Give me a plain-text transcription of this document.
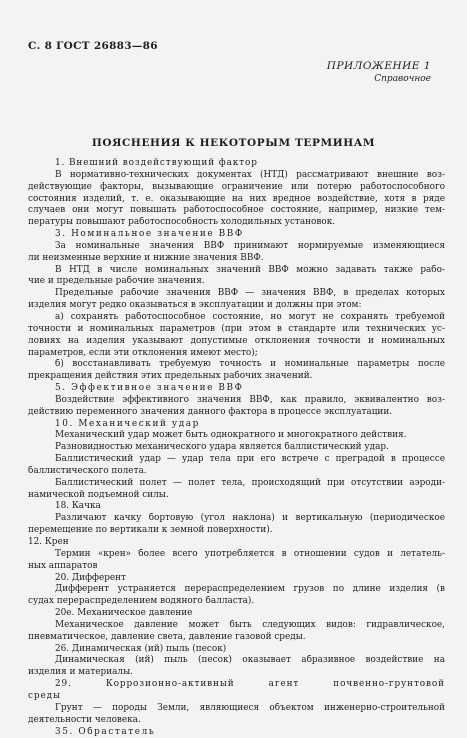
С. 8 ГОСТ 26883—86
ПРИЛОЖЕНИЕ 1
Справочное
ПОЯСНЕНИЯ К НЕКОТОРЫМ ТЕРМИНАМ
1. Внешний воздействующий фактор
В нормативно-технических документах (НТД) рассматривают внешние воз-
действующие факторы, вызывающие ограничение или потерю работоспособного
состояния изделий, т. е. оказывающие на них вредное воздействие, хотя в ряде
случаев они могут повышать работоспособное состояние, например, низкие тем-
пературы повышают работоспособность холодильных установок.
3. Номинальное значение ВВФ
За номинальные значения ВВФ принимают нормируемые изменяющиеся
ли неизменные верхние и нижние значения ВВФ.
В НТД в числе номинальных значений ВВФ можно задавать также рабо-
чие и предельные рабочие значения.
Предельные рабочие значения ВВФ — значения ВВФ, в пределах которых
изделия могут редко оказываться в эксплуатации и должны при этом:
а) сохранять работоспособное состояние, но могут не сохранять требуемой
точности и номинальных параметров (при этом в стандарте или технических ус-
ловиях на изделия указывают допустимые отклонения точности и номинальных
параметров, если эти отклонения имеют место);
б) восстанавливать требуемую точность и номинальные параметры после
прекращения действия этих предельных рабочих значений.
5. Эффективное значение ВВФ
Воздействие эффективного значения ВВФ, как правило, эквивалентно воз-
действию переменного значения данного фактора в процессе эксплуатации.
10. Механический удар
Механический удар может быть однократного и многократного действия.
Разновидностью механического удара является баллистический удар.
Баллистический удар — удар тела при его встрече с преградой в процессе
баллистического полета.
Баллистический полет — полет тела, происходящий при отсутствии аэроди-
намической подъемной силы.
18. Качка
Различают качку бортовую (угол наклона) и вертикальную (периодическое
перемещение по вертикали к земной поверхности).
12. Крен
Термин «крен» более всего употребляется в отношении судов и летатель-
ных аппаратов
20. Дифферент
Дифферент устраняется перераспределением грузов по длине изделия (в
судах перераспределением водяного балласта).
20е. Механическое давление
Механическое давление может быть следующих видов: гидравлическое,
пневматическое, давление света, давление газовой среды.
26. Динамическая (ий) пыль (песок)
Динамическая (ий) пыль (песок) оказывает абразивное воздействие на
изделия и материалы.
29. Коррозионно-активный агент почвенно-грунтовой
среды
Грунт — породы Земли, являющиеся объектом инженерно-строительной
деятельности человека.
35. Обрастатель
